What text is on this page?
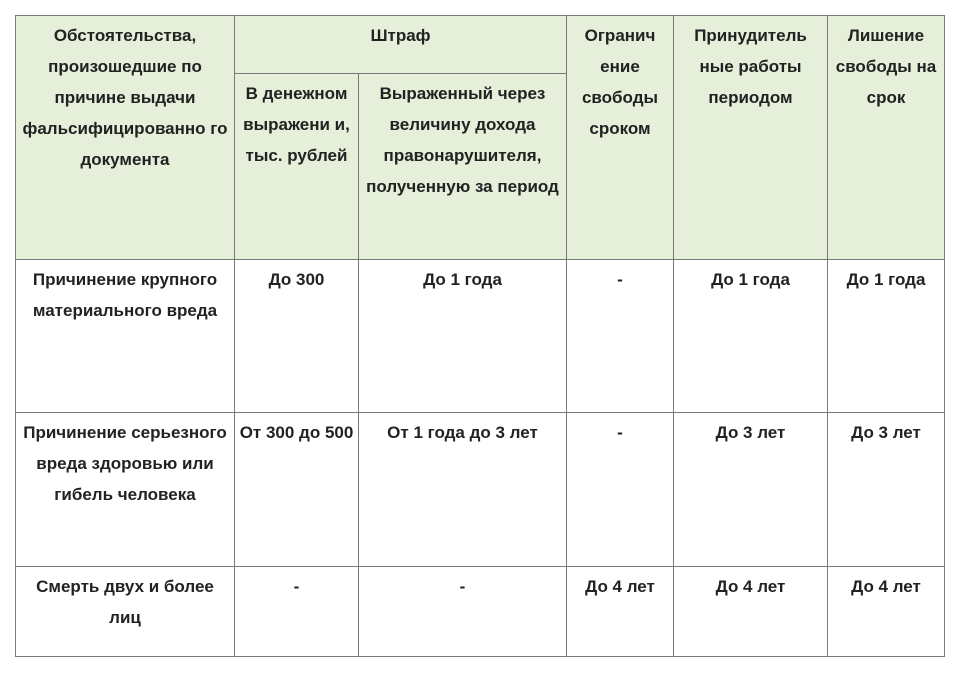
Обстоятельства, произошедшие по причине выдачи фальсифицированно го документа	Штраф		Огранич ение свободы сроком	Принудитель ные работы периодом	Лишение свободы на срок
	В денежном выражени и, тыс. рублей	Выраженный через величину дохода правонарушителя, полученную за период			
Причинение крупного материального вреда	До 300	До 1 года	-	До 1 года	До 1 года
Причинение серьезного вреда здоровью или гибель человека	От 300 до 500	От 1 года до 3 лет	-	До 3 лет	До 3 лет
Смерть двух и более лиц	-	-	До 4 лет	До 4 лет	До 4 лет
